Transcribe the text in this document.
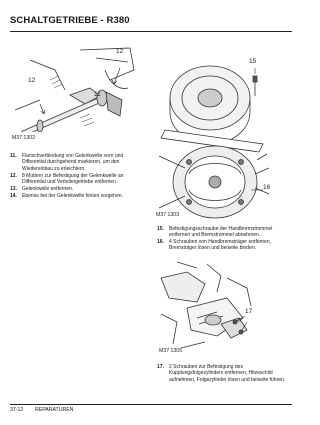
SCHALTGETRIEBE - R380
12
12
11
M37 1302
11. Flanschverbindung von Gelenkwelle vorn und Differential durchgehend markieren, um den Wiedereinbau zu erleichtern.
12. 8 Muttern zur Befestigung der Gelenkwelle an Differential und Verteilergetriebe entfernen.
13. Gelenkwelle entfernen.
14. Ebenso bei der Gelenkwelle hinten vorgehen.
15
16
M37 1303
15. Befestigungsschraube der Handbremstrommel entfernen und Bremstrommel abnehmen.
16. 4 Schrauben von Handbremsträger entfernen, Bremsträger lösen und beiseite binden.
17
M37 1305
17. 2 Schrauben zur Befestigung des Kupplungsfolgezylinders entfernen, Hitzeschild aufnehmen, Folgezylinder lösen und beiseite führen.
37-12 REPARATUREN
